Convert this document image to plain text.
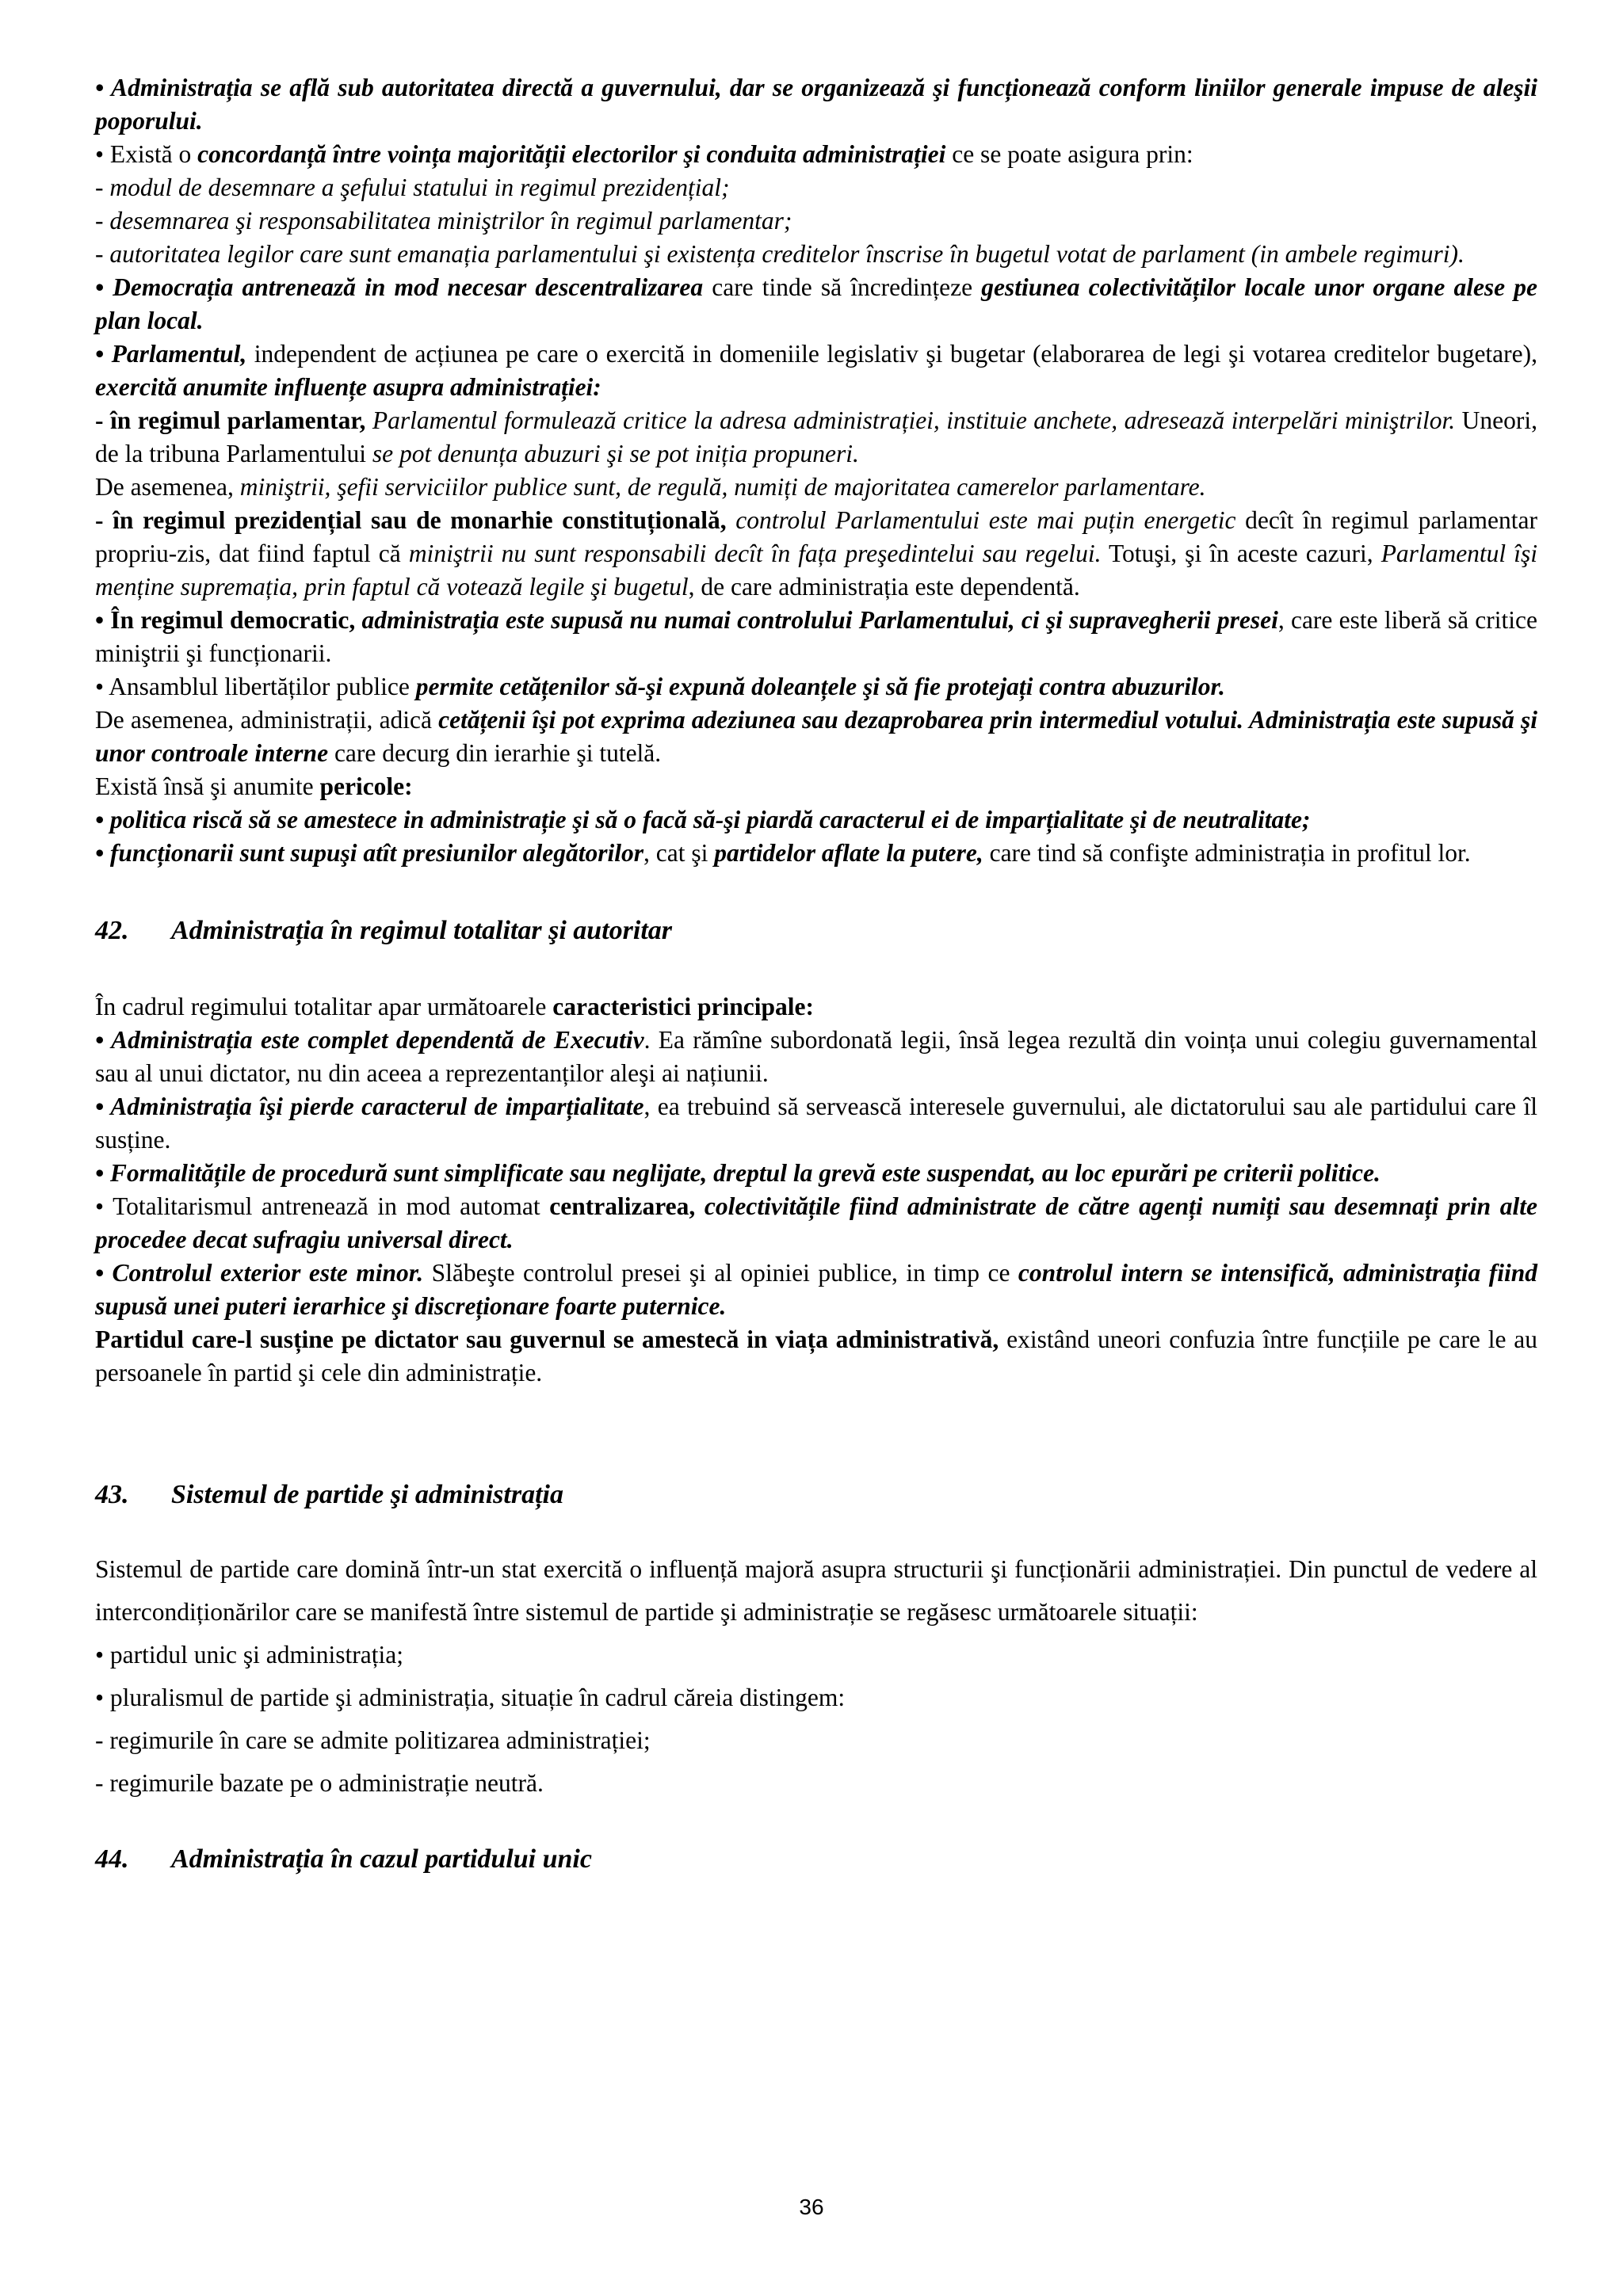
• Administrația se află sub autoritatea directă a guvernului, dar se organizează şi funcționează conform liniilor generale impuse de aleşii poporului.

• Există o concordanță între voința majorității electorilor şi conduita administrației ce se poate asigura prin:

- modul de desemnare a şefului statului in regimul prezidențial;

- desemnarea şi responsabilitatea miniştrilor în regimul parlamentar;

- autoritatea legilor care sunt emanația parlamentului şi existența creditelor înscrise în bugetul votat de parlament (in ambele regimuri).

• Democrația antrenează in mod necesar descentralizarea care tinde să încredințeze gestiunea colectivităților locale unor organe alese pe plan local.

• Parlamentul, independent de acțiunea pe care o exercită in domeniile legislativ şi bugetar (elaborarea de legi şi votarea creditelor bugetare), exercită anumite influențe asupra administrației:

- în regimul parlamentar, Parlamentul formulează critice la adresa administrației, instituie anchete, adresează interpelări miniştrilor. Uneori, de la tribuna Parlamentului se pot denunța abuzuri şi se pot iniția propuneri.

De asemenea, miniştrii, şefii serviciilor publice sunt, de regulă, numiți de majoritatea camerelor parlamentare.

- în regimul prezidențial sau de monarhie constituțională, controlul Parlamentului este mai puțin energetic decît în regimul parlamentar propriu-zis, dat fiind faptul că miniştrii nu sunt responsabili decît în fața preşedintelui sau regelui. Totuşi, şi în aceste cazuri, Parlamentul îşi menține supremația, prin faptul că votează legile şi bugetul, de care administrația este dependentă.

• În regimul democratic, administrația este supusă nu numai controlului Parlamentului, ci şi supravegherii presei, care este liberă să critice miniştrii şi funcționarii.

• Ansamblul libertăților publice permite cetățenilor să-şi expună doleanțele şi să fie protejați contra abuzurilor.

De asemenea, administrații, adică cetățenii îşi pot exprima adeziunea sau dezaprobarea prin intermediul votului. Administrația este supusă şi unor controale interne care decurg din ierarhie şi tutelă.

Există însă şi anumite pericole:

• politica riscă să se amestece in administrație şi să o facă să-şi piardă caracterul ei de imparțialitate şi de neutralitate;

• funcționarii sunt supuşi atît presiunilor alegătorilor, cat şi partidelor aflate la putere, care tind să confişte administrația in profitul lor.

42. Administrația în regimul totalitar şi autoritar

În cadrul regimului totalitar apar următoarele caracteristici principale:

• Administrația este complet dependentă de Executiv. Ea rămîne subordonată legii, însă legea rezultă din voința unui colegiu guvernamental sau al unui dictator, nu din aceea a reprezentanților aleşi ai națiunii.

• Administrația îşi pierde caracterul de imparțialitate, ea trebuind să servească interesele guvernului, ale dictatorului sau ale partidului care îl susține.

• Formalitățile de procedură sunt simplificate sau neglijate, dreptul la grevă este suspendat, au loc epurări pe criterii politice.

• Totalitarismul antrenează in mod automat centralizarea, colectivitățile fiind administrate de către agenți numiți sau desemnați prin alte procedee decat sufragiu universal direct.

• Controlul exterior este minor. Slăbeşte controlul presei şi al opiniei publice, in timp ce controlul intern se intensifică, administrația fiind supusă unei puteri ierarhice şi discreționare foarte puternice.

Partidul care-l susține pe dictator sau guvernul se amestecă in viața administrativă, existând uneori confuzia între funcțiile pe care le au persoanele în partid şi cele din administrație.

43. Sistemul de partide şi administrația

Sistemul de partide care domină într-un stat exercită o influență majoră asupra structurii şi funcționării administrației. Din punctul de vedere al intercondiționărilor care se manifestă între sistemul de partide şi administrație se regăsesc următoarele situații:

• partidul unic şi administrația;

• pluralismul de partide şi administrația, situație în cadrul căreia distingem:

- regimurile în care se admite politizarea administrației;

- regimurile bazate pe o administrație neutră.

44. Administrația în cazul partidului unic

36
